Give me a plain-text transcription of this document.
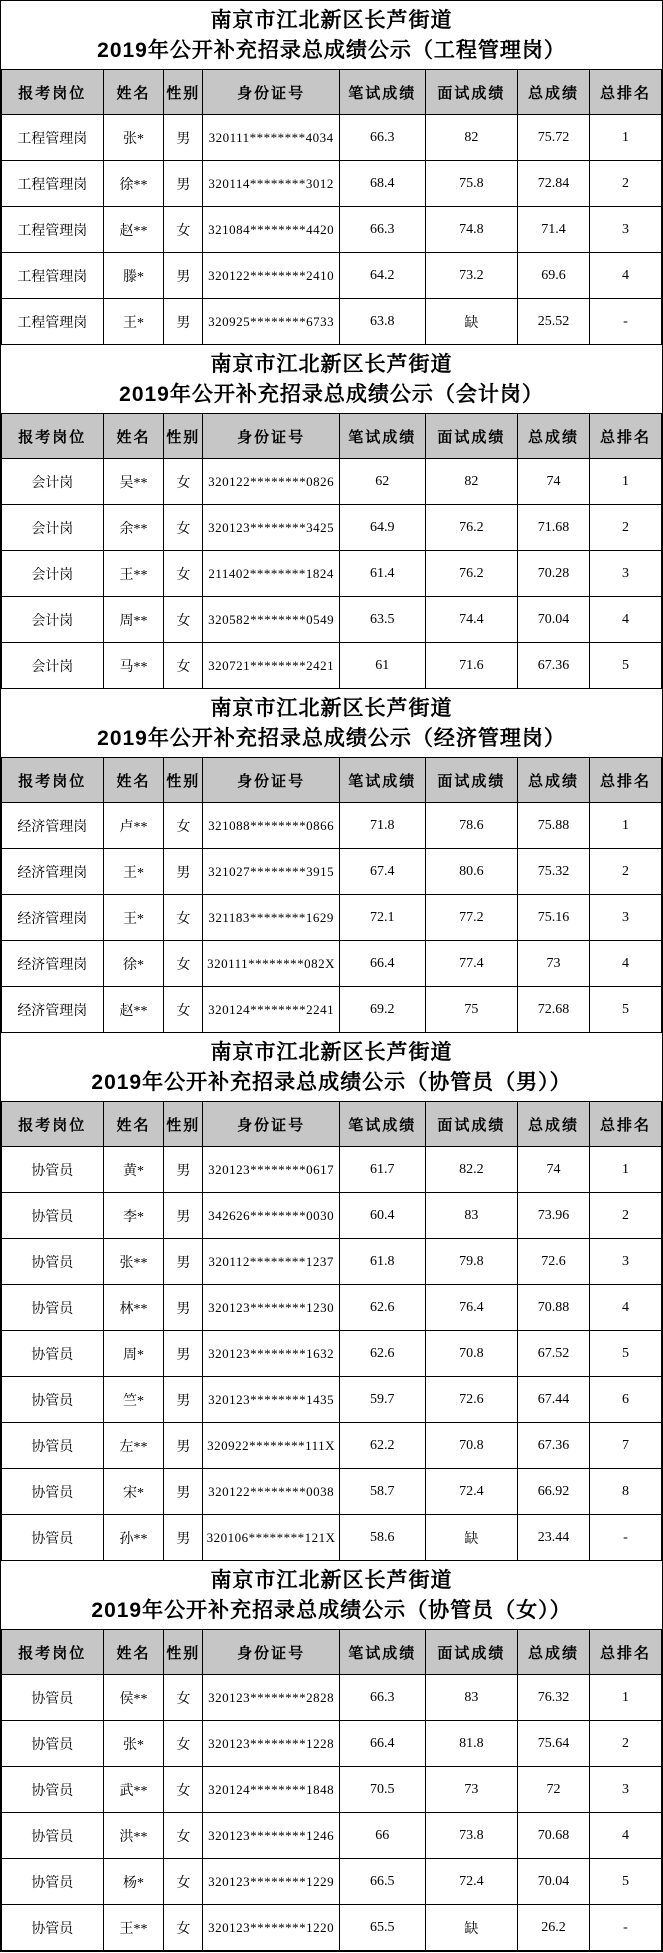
南京市江北新区长芦街道
2019年公开补充招录总成绩公示（工程管理岗）
报考岗位	姓名	性别	身份证号	笔试成绩	面试成绩	总成绩	总排名
工程管理岗	张*	男	320111********4034	66.3	82	75.72	1
工程管理岗	徐**	男	320114********3012	68.4	75.8	72.84	2
工程管理岗	赵**	女	321084********4420	66.3	74.8	71.4	3
工程管理岗	滕*	男	320122********2410	64.2	73.2	69.6	4
工程管理岗	王*	男	320925********6733	63.8	缺	25.52	-
南京市江北新区长芦街道
2019年公开补充招录总成绩公示（会计岗）
报考岗位	姓名	性别	身份证号	笔试成绩	面试成绩	总成绩	总排名
会计岗	吴**	女	320122********0826	62	82	74	1
会计岗	余**	女	320123********3425	64.9	76.2	71.68	2
会计岗	王**	女	211402********1824	61.4	76.2	70.28	3
会计岗	周**	女	320582********0549	63.5	74.4	70.04	4
会计岗	马**	女	320721********2421	61	71.6	67.36	5
南京市江北新区长芦街道
2019年公开补充招录总成绩公示（经济管理岗）
报考岗位	姓名	性别	身份证号	笔试成绩	面试成绩	总成绩	总排名
经济管理岗	卢**	女	321088********0866	71.8	78.6	75.88	1
经济管理岗	王*	男	321027********3915	67.4	80.6	75.32	2
经济管理岗	王*	女	321183********1629	72.1	77.2	75.16	3
经济管理岗	徐*	女	320111********082X	66.4	77.4	73	4
经济管理岗	赵**	女	320124********2241	69.2	75	72.68	5
南京市江北新区长芦街道
2019年公开补充招录总成绩公示（协管员（男））
报考岗位	姓名	性别	身份证号	笔试成绩	面试成绩	总成绩	总排名
协管员	黄*	男	320123********0617	61.7	82.2	74	1
协管员	李*	男	342626********0030	60.4	83	73.96	2
协管员	张**	男	320112********1237	61.8	79.8	72.6	3
协管员	林**	男	320123********1230	62.6	76.4	70.88	4
协管员	周*	男	320123********1632	62.6	70.8	67.52	5
协管员	竺*	男	320123********1435	59.7	72.6	67.44	6
协管员	左**	男	320922********111X	62.2	70.8	67.36	7
协管员	宋*	男	320122********0038	58.7	72.4	66.92	8
协管员	孙**	男	320106********121X	58.6	缺	23.44	-
南京市江北新区长芦街道
2019年公开补充招录总成绩公示（协管员（女））
报考岗位	姓名	性别	身份证号	笔试成绩	面试成绩	总成绩	总排名
协管员	侯**	女	320123********2828	66.3	83	76.32	1
协管员	张*	女	320123********1228	66.4	81.8	75.64	2
协管员	武**	女	320124********1848	70.5	73	72	3
协管员	洪**	女	320123********1246	66	73.8	70.68	4
协管员	杨*	女	320123********1229	66.5	72.4	70.04	5
协管员	王**	女	320123********1220	65.5	缺	26.2	-
